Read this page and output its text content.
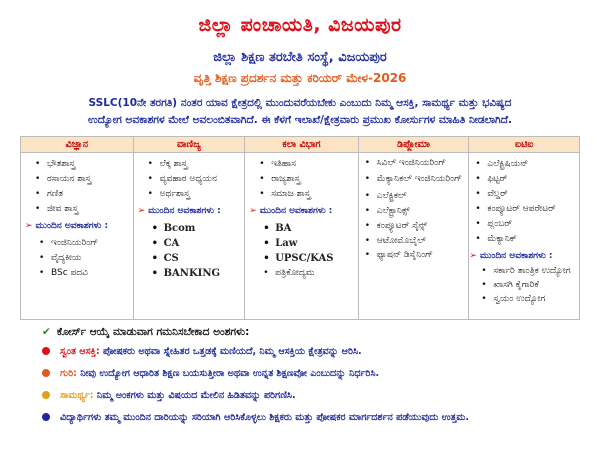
ಜಿಲ್ಲಾ ಪಂಚಾಯತಿ, ವಿಜಯಪುರ
ಜಿಲ್ಲಾ ಶಿಕ್ಷಣ ತರಬೇತಿ ಸಂಸ್ಥೆ, ವಿಜಯಪುರ
ವೃತ್ತಿ ಶಿಕ್ಷಣ ಪ್ರದರ್ಶನ ಮತ್ತು ಕರಿಯರ್ ಮೇಳ-2026
SSLC(10ನೇ ತರಗತಿ) ನಂತರ ಯಾವ ಕ್ಷೇತ್ರದಲ್ಲಿ ಮುಂದುವರೆಯಬೇಕು ಎಂಬುದು ನಿಮ್ಮ ಆಸಕ್ತಿ, ಸಾಮರ್ಥ್ಯ ಮತ್ತು ಭವಿಷ್ಯದ
ಉದ್ಯೋಗ ಅವಕಾಶಗಳ ಮೇಲೆ ಅವಲಂಬಿತವಾಗಿದೆ. ಈ ಕೆಳಗೆ ಇಲಾಖೆ/ಕ್ಷೇತ್ರವಾರು ಪ್ರಮುಖ ಕೋರ್ಸುಗಳ ಮಾಹಿತಿ ನೀಡಲಾಗಿದೆ.
ವಿಜ್ಞಾನ
• ಭೌತಶಾಸ್ತ್ರ
• ರಸಾಯನ ಶಾಸ್ತ್ರ
• ಗಣಿತ
• ಜೀವ ಶಾಸ್ತ್ರ
➢ ಮುಂದಿನ ಅವಕಾಶಗಳು :
• ಇಂಜಿನಿಯರಿಂಗ್
• ವೈದ್ಯಕೀಯ
• BSc ಪದವಿ
ವಾಣಿಜ್ಯ
• ಲೆಕ್ಕ ಶಾಸ್ತ್ರ
• ವ್ಯವಹಾರ ಅಧ್ಯಯನ
• ಅರ್ಥಶಾಸ್ತ್ರ
➢ ಮುಂದಿನ ಅವಕಾಶಗಳು :
• Bcom
• CA
• CS
• BANKING
ಕಲಾ ವಿಭಾಗ
• ಇತಿಹಾಸ
• ರಾಜ್ಯಶಾಸ್ತ್ರ
• ಸಮಾಜ ಶಾಸ್ತ್ರ
➢ ಮುಂದಿನ ಅವಕಾಶಗಳು :
• BA
• Law
• UPSC/KAS
• ಪತ್ರಿಕೋದ್ಯಮ
ಡಿಪ್ಲೋಮಾ
• ಸಿವಿಲ್ ಇಂಜಿನಿಯರಿಂಗ್
• ಮೆಕ್ಯಾನಿಕಲ್ ಇಂಜಿನಿಯರಿಂಗ್
• ಎಲೆಕ್ಟ್ರಿಕಲ್
• ಎಲೆಕ್ಟ್ರಾನಿಕ್ಸ್
• ಕಂಪ್ಯೂಟರ್ ಸೈನ್ಸ್
• ಆಟೋಮೊಬೈಲ್
• ಫ್ಯಾಷನ್ ಡಿಸೈನಿಂಗ್
ಐಟಿಐ
• ಎಲೆಕ್ಟ್ರಿಷಿಯನ್
• ಫಿಟ್ಟರ್
• ವೆಲ್ಡರ್
• ಕಂಪ್ಯೂಟರ್ ಆಪರೇಟರ್
• ಪ್ಲಂಬರ್
• ಮೆಕ್ಯಾನಿಕ್
➢ ಮುಂದಿನ ಅವಕಾಶಗಳು :
• ಸರ್ಕಾರಿ ತಾಂತ್ರಿಕ ಉದ್ಯೋಗ
• ಖಾಸಗಿ ಕೈಗಾರಿಕೆ
• ಸ್ವಯಂ ಉದ್ಯೋಗ
✔ ಕೋರ್ಸ್ ಆಯ್ಕೆ ಮಾಡುವಾಗ ಗಮನಿಸಬೇಕಾದ ಅಂಶಗಳು:
ಸ್ವಂತ ಆಸಕ್ತಿ: ಪೋಷಕರು ಅಥವಾ ಸ್ನೇಹಿತರ ಒತ್ತಡಕ್ಕೆ ಮಣಿಯದೆ, ನಿಮ್ಮ ಆಸಕ್ತಿಯ ಕ್ಷೇತ್ರವನ್ನು ಆರಿಸಿ.
ಗುರಿ: ನೀವು ಉದ್ಯೋಗ ಆಧಾರಿತ ಶಿಕ್ಷಣ ಬಯಸುತ್ತೀರಾ ಅಥವಾ ಉನ್ನತ ಶಿಕ್ಷಣವೋ ಎಂಬುದನ್ನು ನಿರ್ಧರಿಸಿ.
ಸಾಮರ್ಥ್ಯ: ನಿಮ್ಮ ಅಂಕಗಳು ಮತ್ತು ವಿಷಯದ ಮೇಲಿನ ಹಿಡಿತವನ್ನು ಪರಿಗಣಿಸಿ.
ವಿದ್ಯಾರ್ಥಿಗಳು ತಮ್ಮ ಮುಂದಿನ ದಾರಿಯನ್ನು ಸರಿಯಾಗಿ ಆರಿಸಿಕೊಳ್ಳಲು ಶಿಕ್ಷಕರು ಮತ್ತು ಪೋಷಕರ ಮಾರ್ಗದರ್ಶನ ಪಡೆಯುವುದು ಉತ್ತಮ.
